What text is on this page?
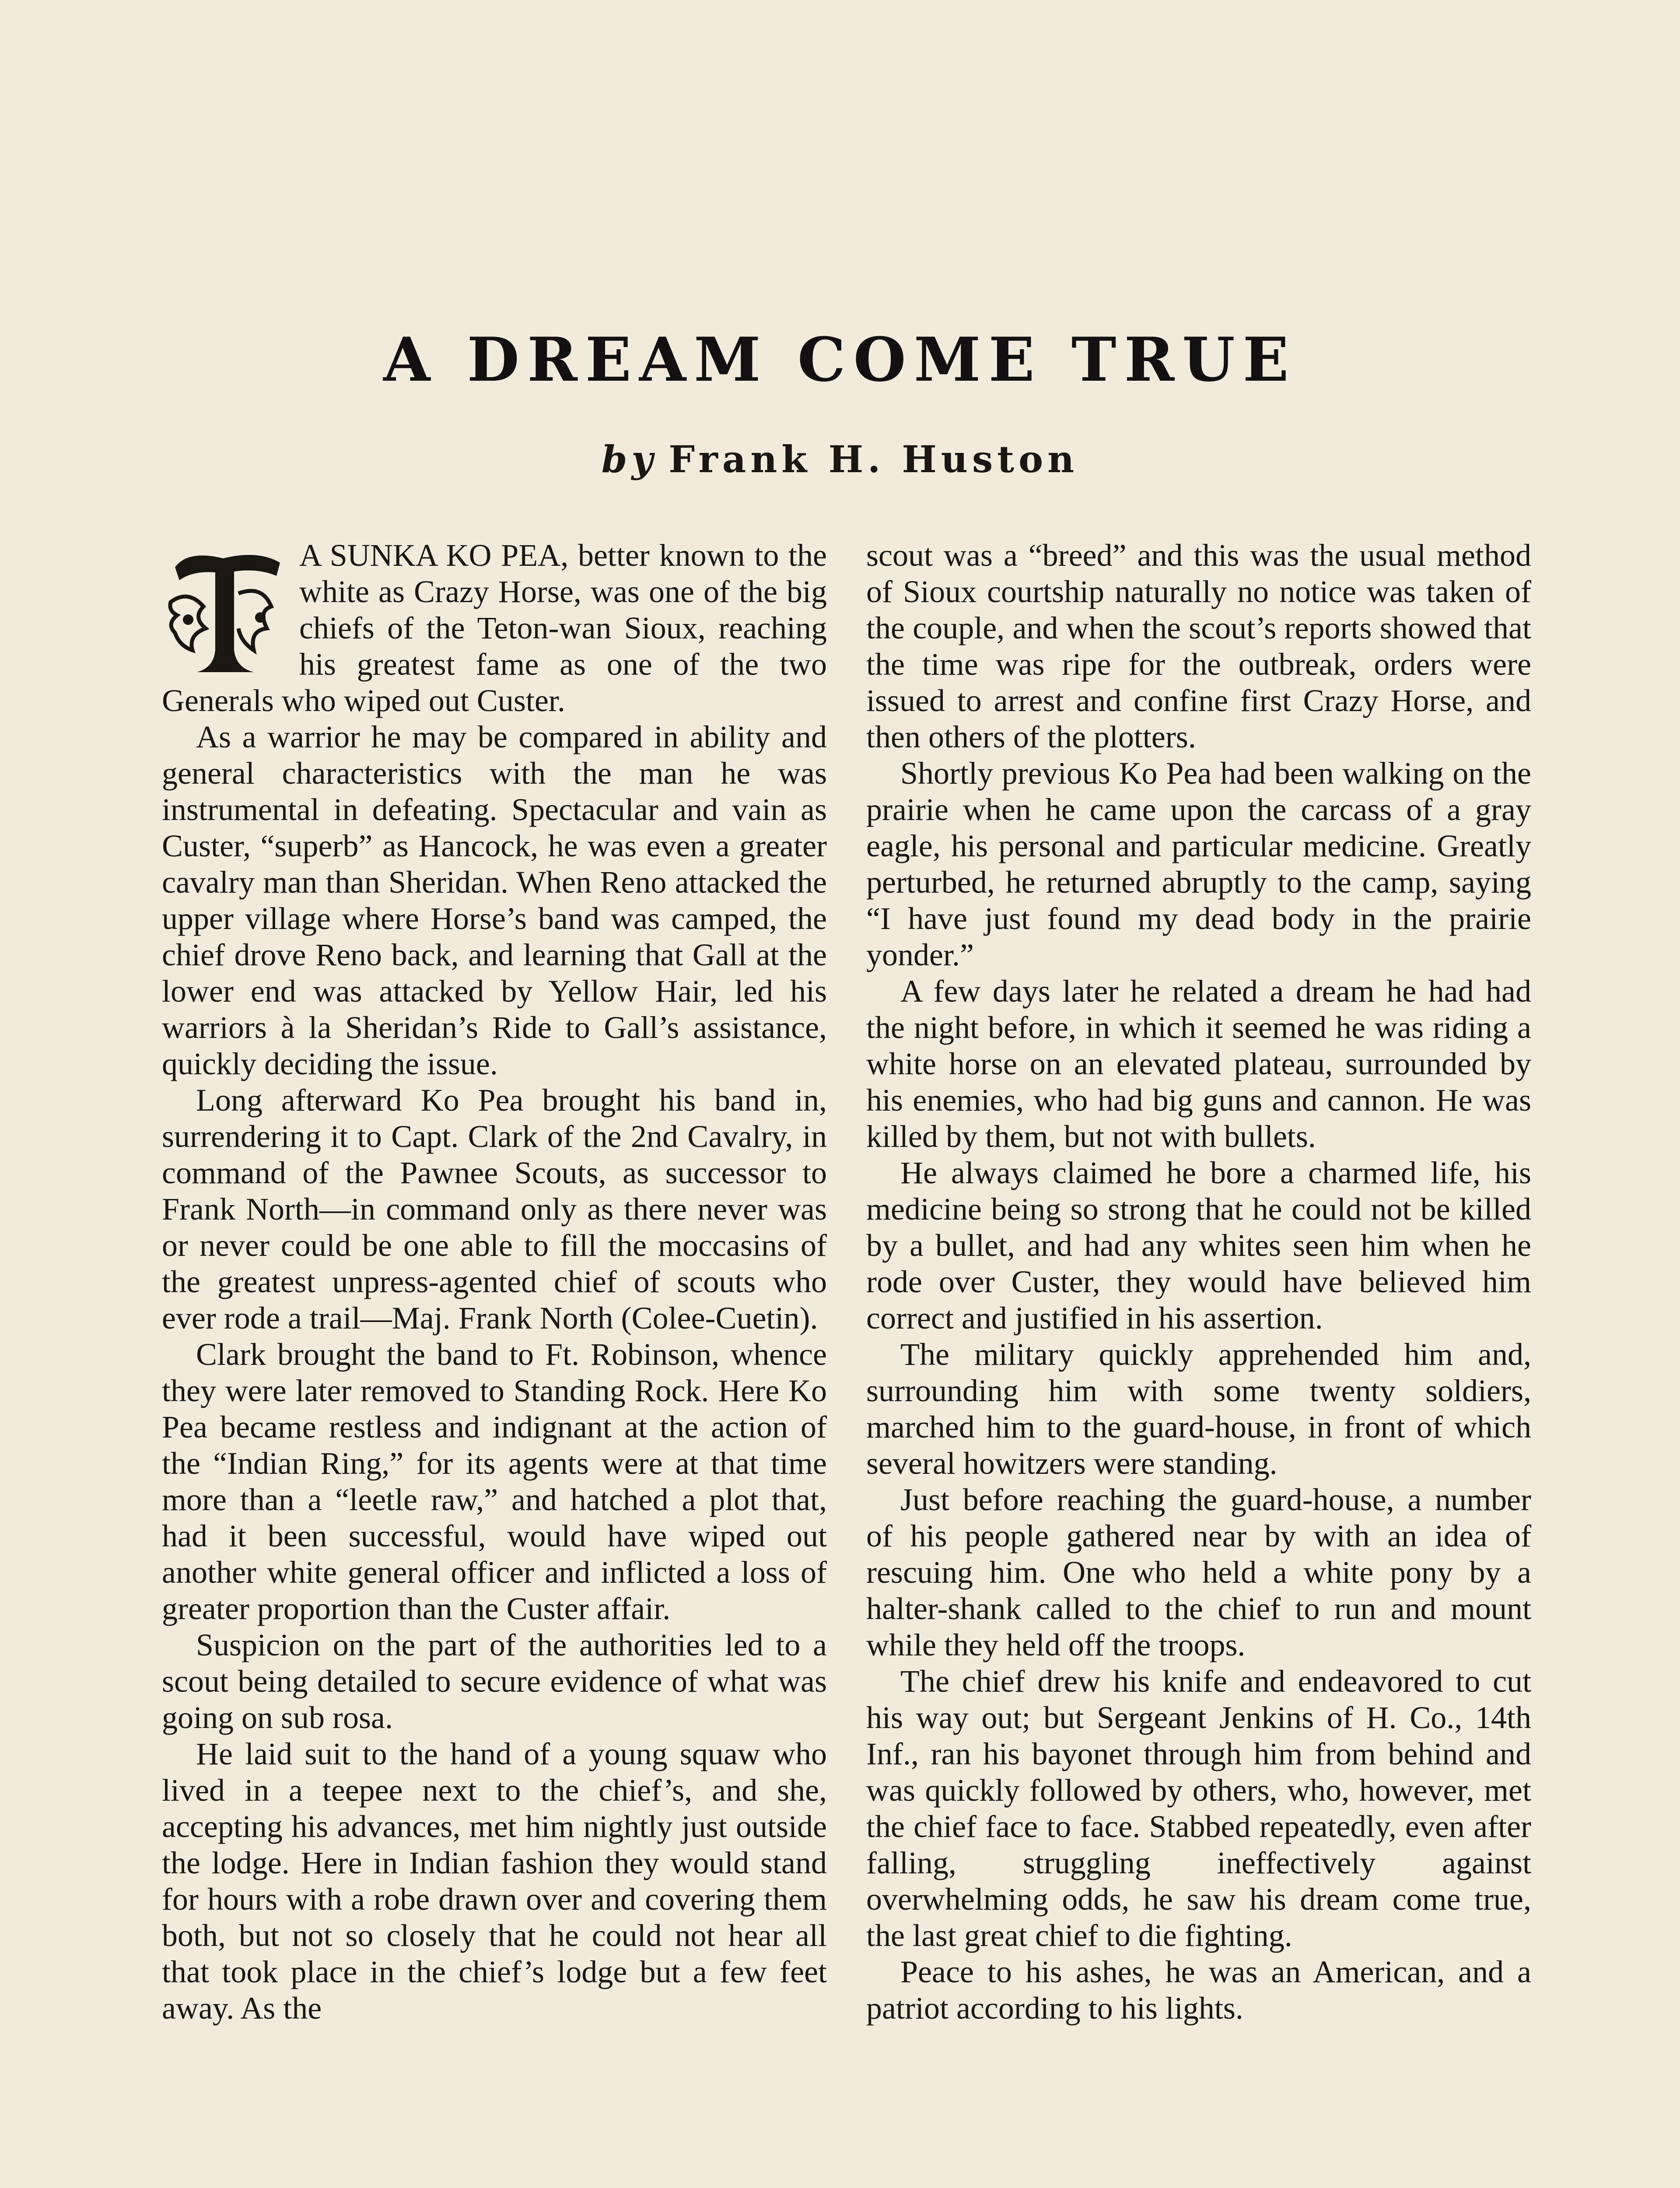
A DREAM COME TRUE
by Frank H. Huston

A SUNKA KO PEA, better known to the white as Crazy Horse, was one of the big chiefs of the Teton-wan Sioux, reaching his greatest fame as one of the two Generals who wiped out Custer.

As a warrior he may be compared in ability and general characteristics with the man he was instrumental in defeating. Spectacular and vain as Custer, “superb” as Hancock, he was even a greater cavalry man than Sheridan. When Reno attacked the upper village where Horse’s band was camped, the chief drove Reno back, and learning that Gall at the lower end was attacked by Yellow Hair, led his warriors à la Sheridan’s Ride to Gall’s assistance, quickly deciding the issue.

Long afterward Ko Pea brought his band in, surrendering it to Capt. Clark of the 2nd Cavalry, in command of the Pawnee Scouts, as successor to Frank North—in command only as there never was or never could be one able to fill the moccasins of the greatest unpress-agented chief of scouts who ever rode a trail—Maj. Frank North (Colee-Cuetin).

Clark brought the band to Ft. Robinson, whence they were later removed to Standing Rock. Here Ko Pea became restless and indignant at the action of the “Indian Ring,” for its agents were at that time more than a “leetle raw,” and hatched a plot that, had it been successful, would have wiped out another white general officer and inflicted a loss of greater proportion than the Custer affair.

Suspicion on the part of the authorities led to a scout being detailed to secure evidence of what was going on sub rosa.

He laid suit to the hand of a young squaw who lived in a teepee next to the chief’s, and she, accepting his advances, met him nightly just outside the lodge. Here in Indian fashion they would stand for hours with a robe drawn over and covering them both, but not so closely that he could not hear all that took place in the chief’s lodge but a few feet away. As the

scout was a “breed” and this was the usual method of Sioux courtship naturally no notice was taken of the couple, and when the scout’s reports showed that the time was ripe for the outbreak, orders were issued to arrest and confine first Crazy Horse, and then others of the plotters.

Shortly previous Ko Pea had been walking on the prairie when he came upon the carcass of a gray eagle, his personal and particular medicine. Greatly perturbed, he returned abruptly to the camp, saying “I have just found my dead body in the prairie yonder.”

A few days later he related a dream he had had the night before, in which it seemed he was riding a white horse on an elevated plateau, surrounded by his enemies, who had big guns and cannon. He was killed by them, but not with bullets.

He always claimed he bore a charmed life, his medicine being so strong that he could not be killed by a bullet, and had any whites seen him when he rode over Custer, they would have believed him correct and justified in his assertion.

The military quickly apprehended him and, surrounding him with some twenty soldiers, marched him to the guard-house, in front of which several howitzers were standing.

Just before reaching the guard-house, a number of his people gathered near by with an idea of rescuing him. One who held a white pony by a halter-shank called to the chief to run and mount while they held off the troops.

The chief drew his knife and endeavored to cut his way out; but Sergeant Jenkins of H. Co., 14th Inf., ran his bayonet through him from behind and was quickly followed by others, who, however, met the chief face to face. Stabbed repeatedly, even after falling, struggling ineffectively against overwhelming odds, he saw his dream come true, the last great chief to die fighting.

Peace to his ashes, he was an American, and a patriot according to his lights.
